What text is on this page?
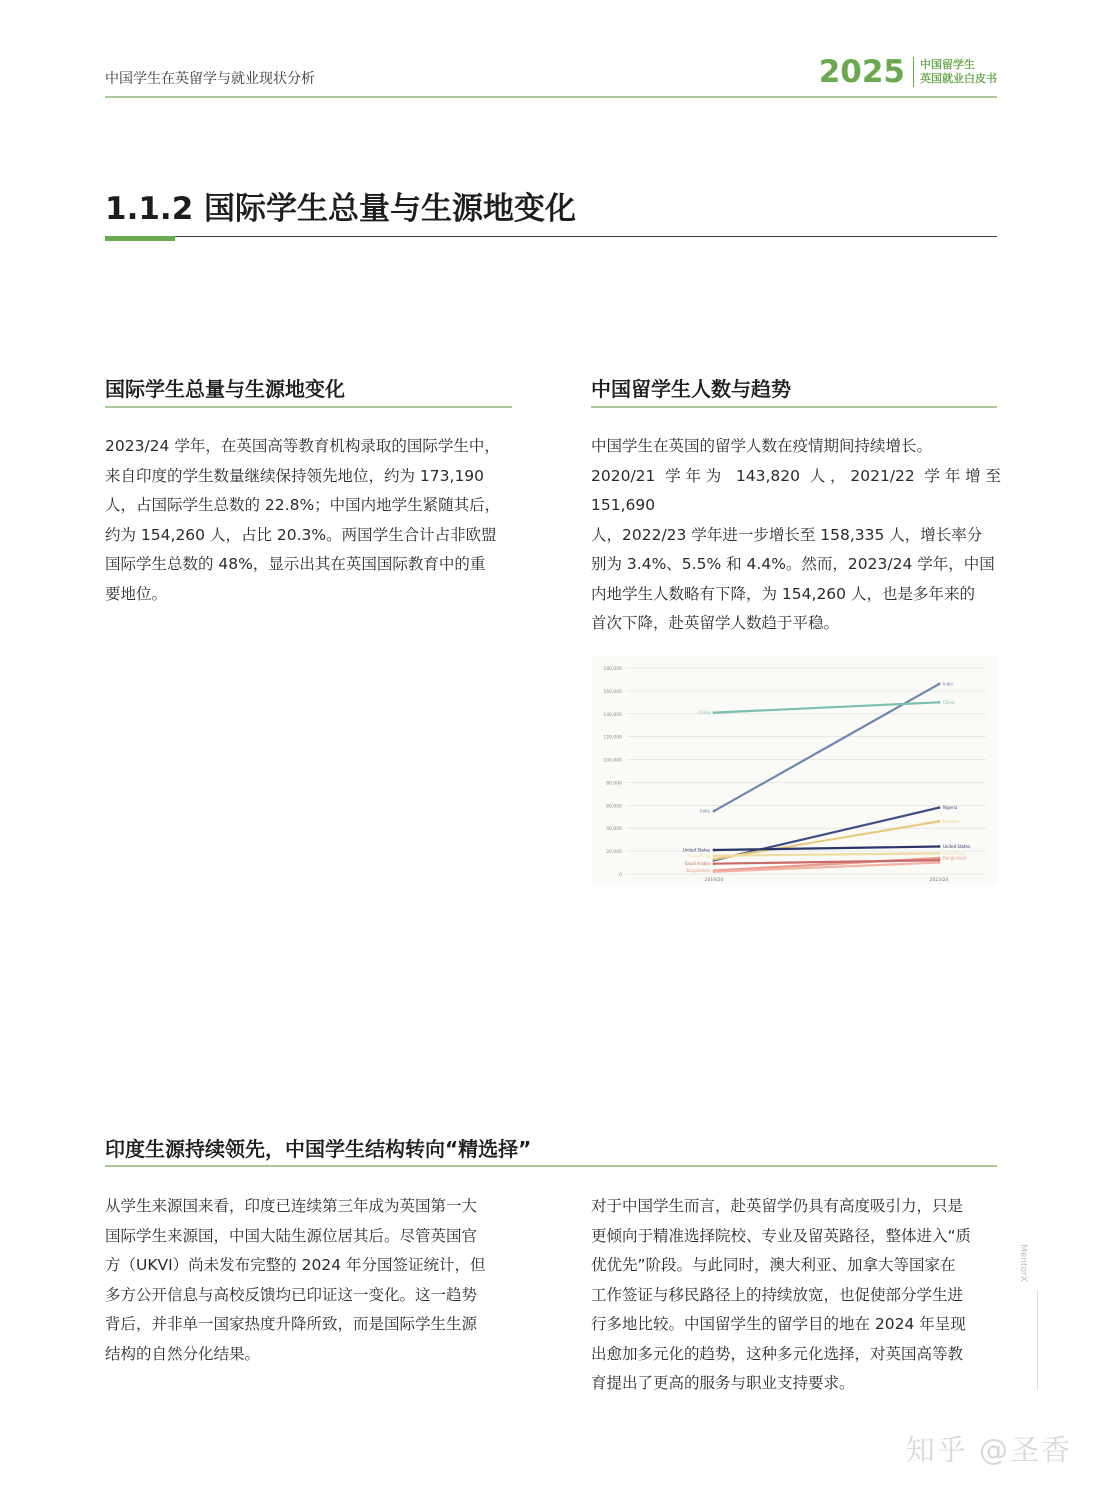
中国学生在英留学与就业现状分析	2025 中国留学生
英国就业白皮书
1.1.2 国际学生总量与生源地变化
国际学生总量与生源地变化
2023/24 学年，在英国高等教育机构录取的国际学生中，
来自印度的学生数量继续保持领先地位，约为 173,190
人，占国际学生总数的 22.8%；中国内地学生紧随其后，
约为 154,260 人，占比 20.3%。两国学生合计占非欧盟
国际学生总数的 48%，显示出其在英国国际教育中的重
要地位。
中国留学生人数与趋势
中国学生在英国的留学人数在疫情期间持续增长。
2020/21 学年为 143,820 人，2021/22 学年增至 151,690
人，2022/23 学年进一步增长至 158,335 人，增长率分
别为 3.4%、5.5% 和 4.4%。然而，2023/24 学年，中国
内地学生人数略有下降，为 154,260 人，也是多年来的
首次下降，赴英留学人数趋于平稳。
180,000
160,000
140,000
120,000
100,000
80,000
60,000
40,000
20,000
0
2019/20	2023/24
China
India
United States
Hong Kong
Saudi Arabia
Bangladesh
India
China
Nigeria
Pakistan
United States
Hong Kong
Bangladesh
印度生源持续领先，中国学生结构转向“精选择”
从学生来源国来看，印度已连续第三年成为英国第一大
国际学生来源国，中国大陆生源位居其后。尽管英国官
方（UKVI）尚未发布完整的 2024 年分国签证统计，但
多方公开信息与高校反馈均已印证这一变化。这一趋势
背后，并非单一国家热度升降所致，而是国际学生生源
结构的自然分化结果。
对于中国学生而言，赴英留学仍具有高度吸引力，只是
更倾向于精准选择院校、专业及留英路径，整体进入“质
优优先”阶段。与此同时，澳大利亚、加拿大等国家在
工作签证与移民路径上的持续放宽，也促使部分学生进
行多地比较。中国留学生的留学目的地在 2024 年呈现
出愈加多元化的趋势，这种多元化选择，对英国高等教
育提出了更高的服务与职业支持要求。
MentorX
知乎 @圣香
